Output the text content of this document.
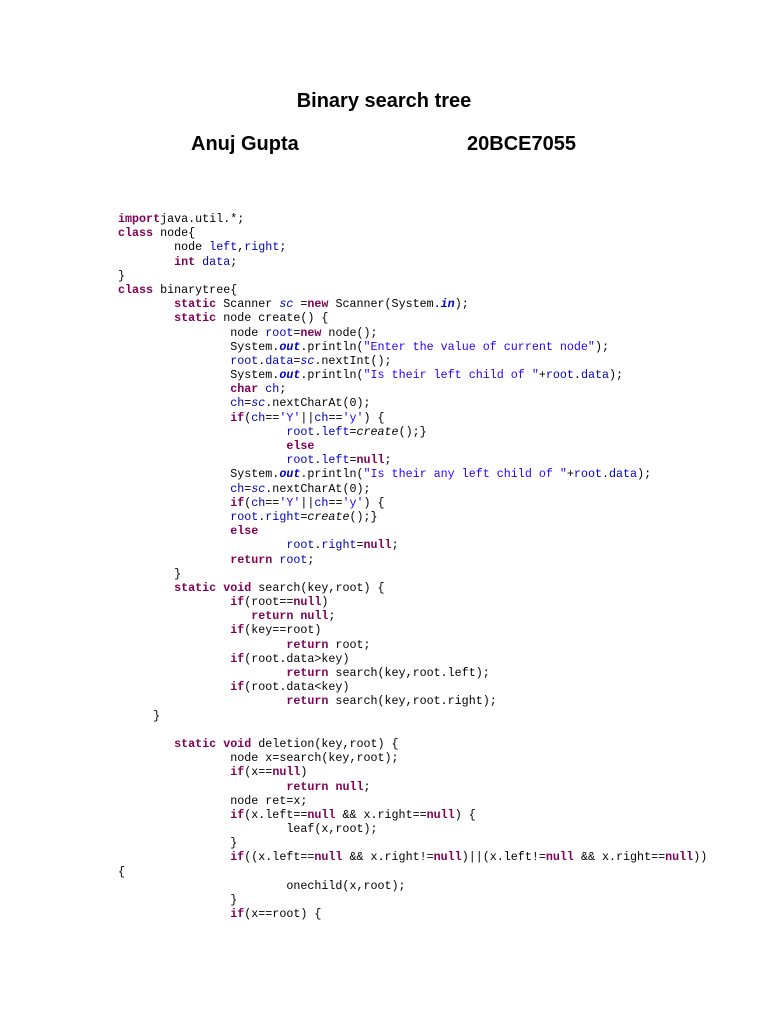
Binary search tree
Anuj Gupta	20BCE7055
importjava.util.*;
class node{
node left,right;
int data;
}
class binarytree{
static Scanner sc =new Scanner(System.in);
static node create() {
node root=new node();
System.out.println("Enter the value of current node");
root.data=sc.nextInt();
System.out.println("Is their left child of "+root.data);
char ch;
ch=sc.nextCharAt(0);
if(ch=='Y'||ch=='y') {
root.left=create();}
else
root.left=null;
System.out.println("Is their any left child of "+root.data);
ch=sc.nextCharAt(0);
if(ch=='Y'||ch=='y') {
root.right=create();}
else
root.right=null;
return root;
}
static void search(key,root) {
if(root==null)
return null;
if(key==root)
return root;
if(root.data>key)
return search(key,root.left);
if(root.data<key)
return search(key,root.right);
}
static void deletion(key,root) {
node x=search(key,root);
if(x==null)
return null;
node ret=x;
if(x.left==null && x.right==null) {
leaf(x,root);
}
if((x.left==null && x.right!=null)||(x.left!=null && x.right==null))
{
onechild(x,root);
}
if(x==root) {
